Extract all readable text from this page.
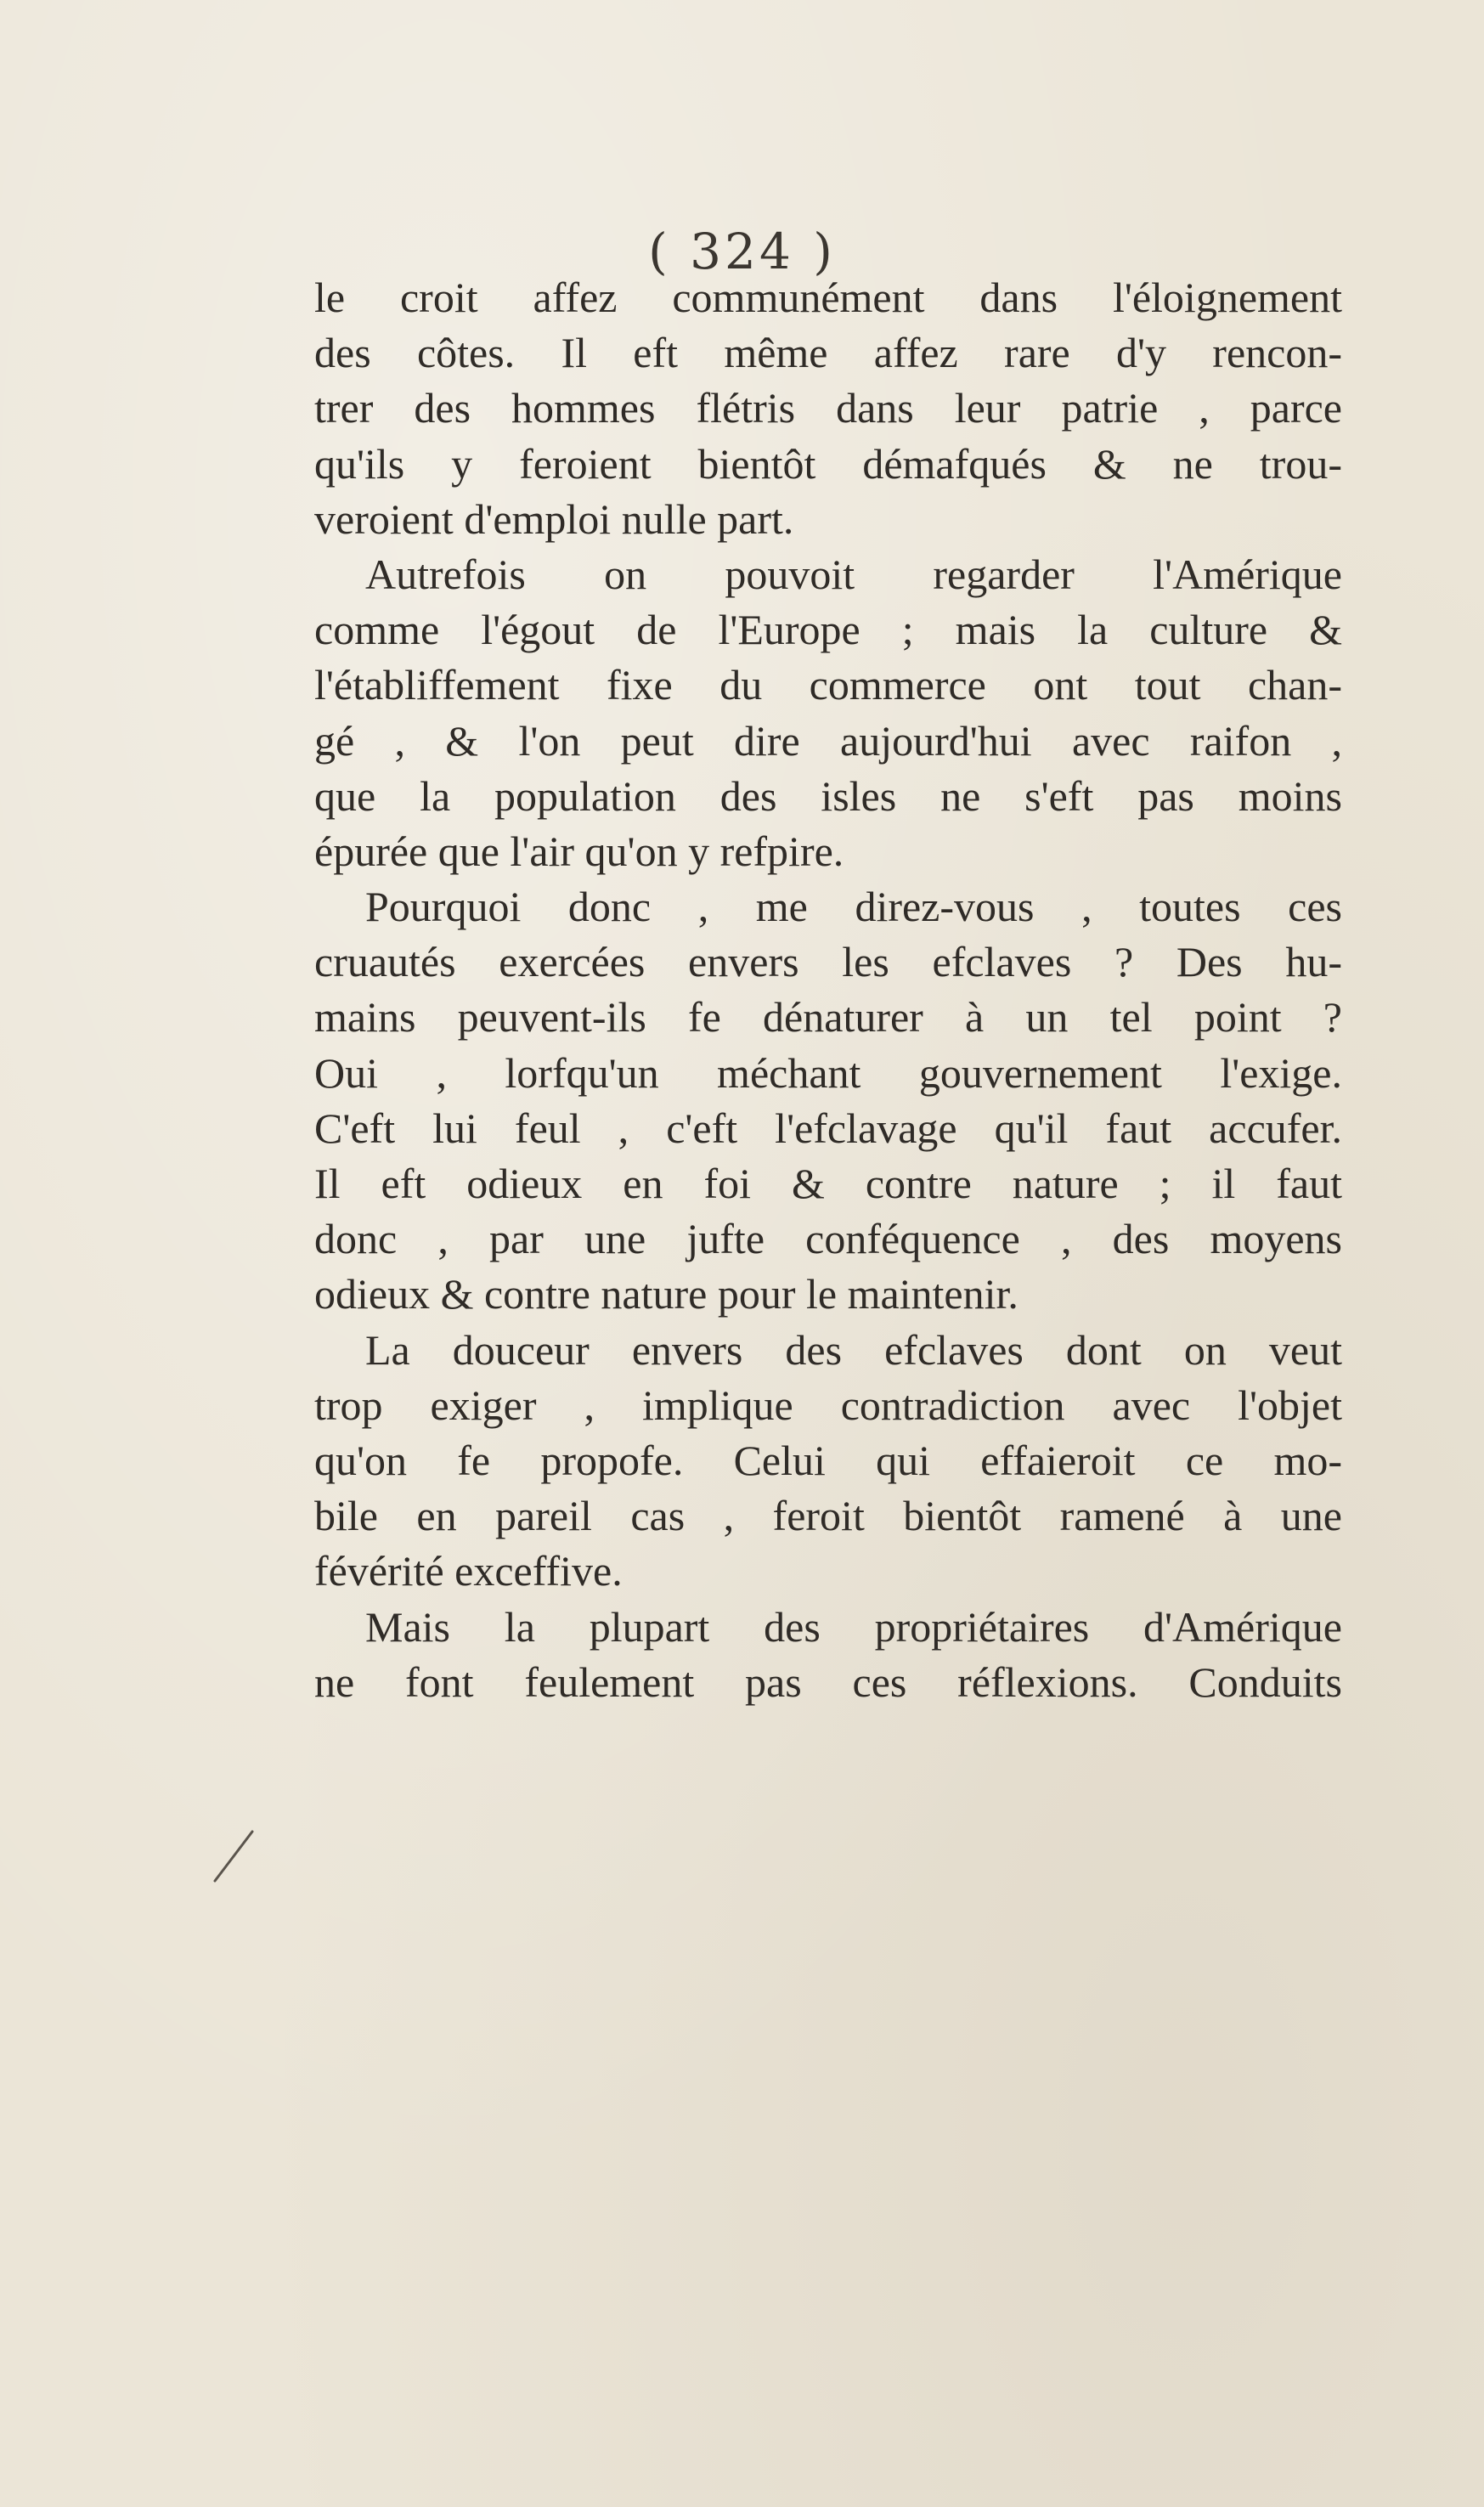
( 324 )
le croit affez communément dans l'éloignement
des côtes. Il eft même affez rare d'y rencon-
trer des hommes flétris dans leur patrie , parce
qu'ils y feroient bientôt démafqués & ne trou-
veroient d'emploi nulle part.
Autrefois on pouvoit regarder l'Amérique
comme l'égout de l'Europe ; mais la culture &
l'établiffement fixe du commerce ont tout chan-
gé , & l'on peut dire aujourd'hui avec raifon ,
que la population des isles ne s'eft pas moins
épurée que l'air qu'on y refpire.
Pourquoi donc , me direz-vous , toutes ces
cruautés exercées envers les efclaves ? Des hu-
mains peuvent-ils fe dénaturer à un tel point ?
Oui , lorfqu'un méchant gouvernement l'exige.
C'eft lui feul , c'eft l'efclavage qu'il faut accufer.
Il eft odieux en foi & contre nature ; il faut
donc , par une jufte conféquence , des moyens
odieux & contre nature pour le maintenir.
La douceur envers des efclaves dont on veut
trop exiger , implique contradiction avec l'objet
qu'on fe propofe. Celui qui effaieroit ce mo-
bile en pareil cas , feroit bientôt ramené à une
févérité exceffive.
Mais la plupart des propriétaires d'Amérique
ne font feulement pas ces réflexions. Conduits
